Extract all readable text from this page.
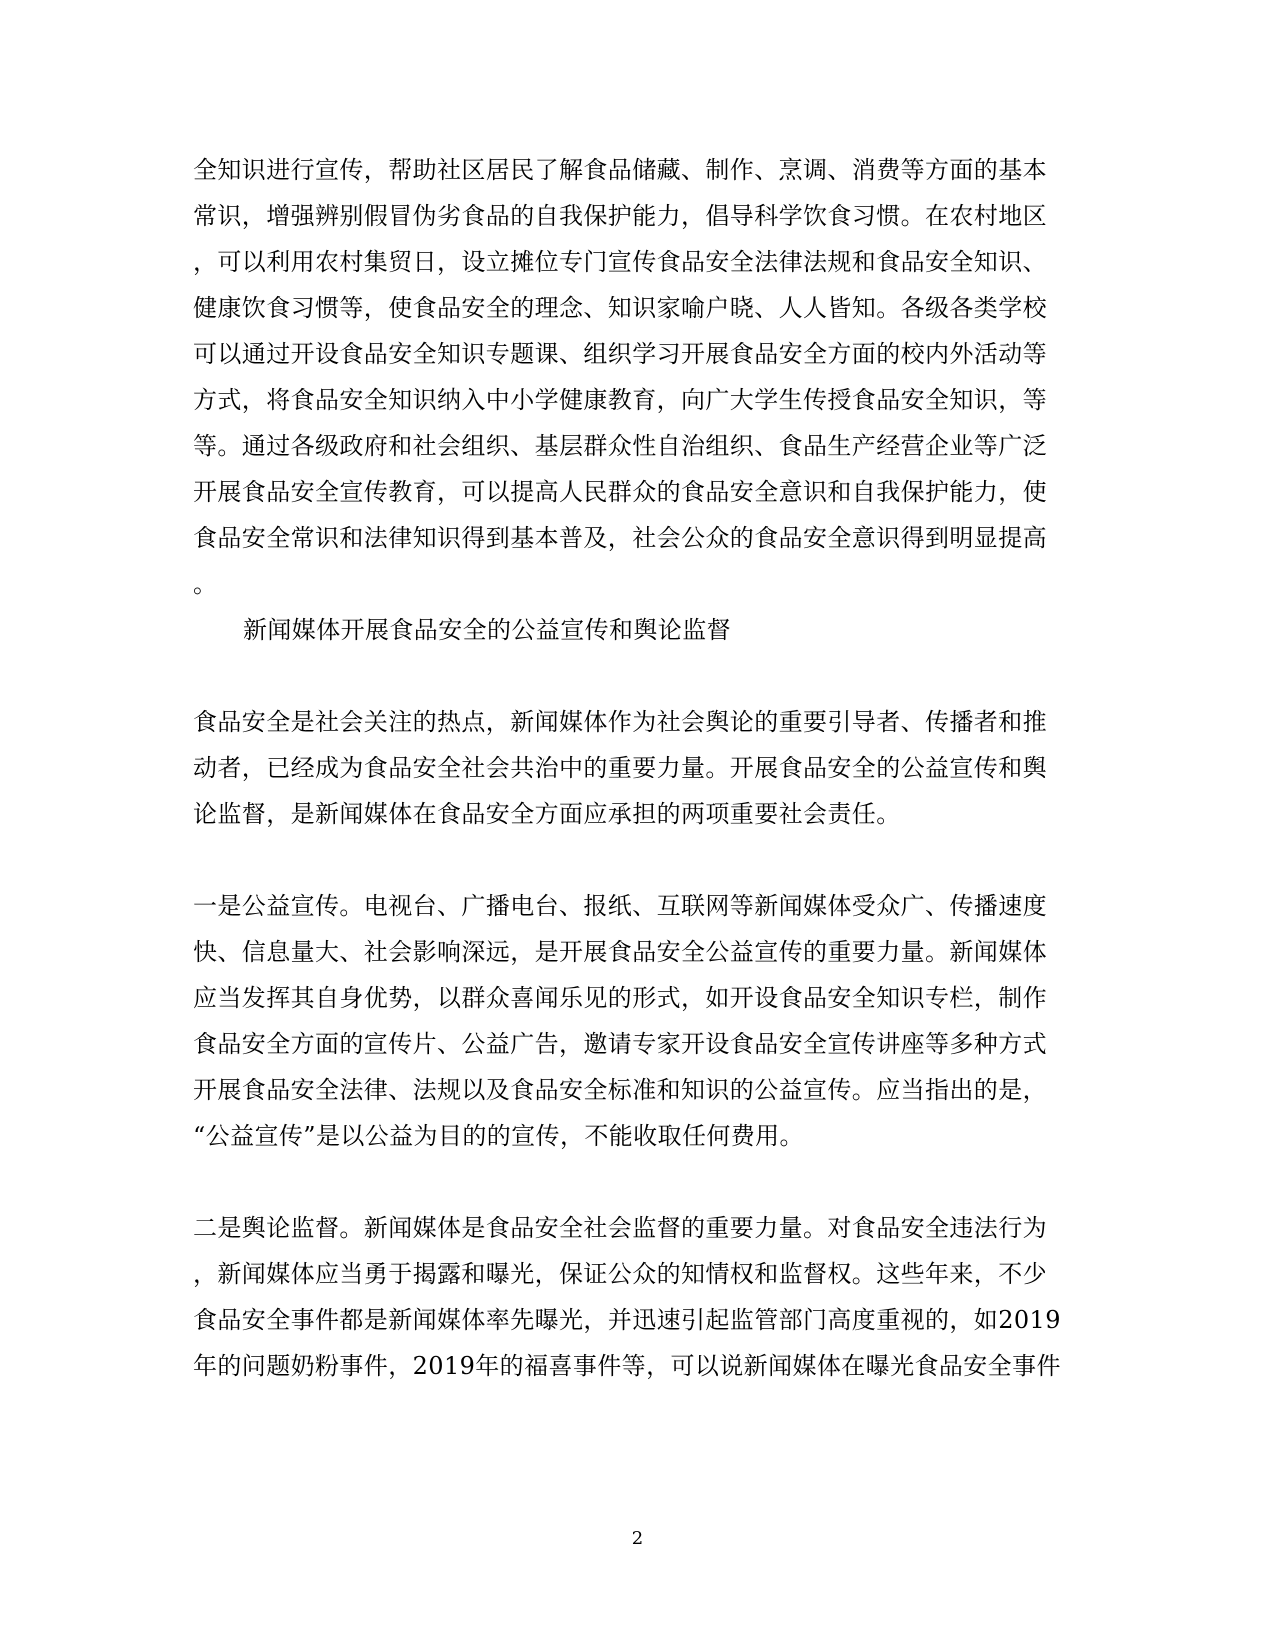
全知识进行宣传，帮助社区居民了解食品储藏、制作、烹调、消费等方面的基本
常识，增强辨别假冒伪劣食品的自我保护能力，倡导科学饮食习惯。在农村地区
，可以利用农村集贸日，设立摊位专门宣传食品安全法律法规和食品安全知识、
健康饮食习惯等，使食品安全的理念、知识家喻户晓、人人皆知。各级各类学校
可以通过开设食品安全知识专题课、组织学习开展食品安全方面的校内外活动等
方式，将食品安全知识纳入中小学健康教育，向广大学生传授食品安全知识，等
等。通过各级政府和社会组织、基层群众性自治组织、食品生产经营企业等广泛
开展食品安全宣传教育，可以提高人民群众的食品安全意识和自我保护能力，使
食品安全常识和法律知识得到基本普及，社会公众的食品安全意识得到明显提高
。
新闻媒体开展食品安全的公益宣传和舆论监督
食品安全是社会关注的热点，新闻媒体作为社会舆论的重要引导者、传播者和推
动者，已经成为食品安全社会共治中的重要力量。开展食品安全的公益宣传和舆
论监督，是新闻媒体在食品安全方面应承担的两项重要社会责任。
一是公益宣传。电视台、广播电台、报纸、互联网等新闻媒体受众广、传播速度
快、信息量大、社会影响深远，是开展食品安全公益宣传的重要力量。新闻媒体
应当发挥其自身优势，以群众喜闻乐见的形式，如开设食品安全知识专栏，制作
食品安全方面的宣传片、公益广告，邀请专家开设食品安全宣传讲座等多种方式
开展食品安全法律、法规以及食品安全标准和知识的公益宣传。应当指出的是，
“公益宣传”是以公益为目的的宣传，不能收取任何费用。
二是舆论监督。新闻媒体是食品安全社会监督的重要力量。对食品安全违法行为
，新闻媒体应当勇于揭露和曝光，保证公众的知情权和监督权。这些年来，不少
食品安全事件都是新闻媒体率先曝光，并迅速引起监管部门高度重视的，如2019
年的问题奶粉事件，2019年的福喜事件等，可以说新闻媒体在曝光食品安全事件
2
